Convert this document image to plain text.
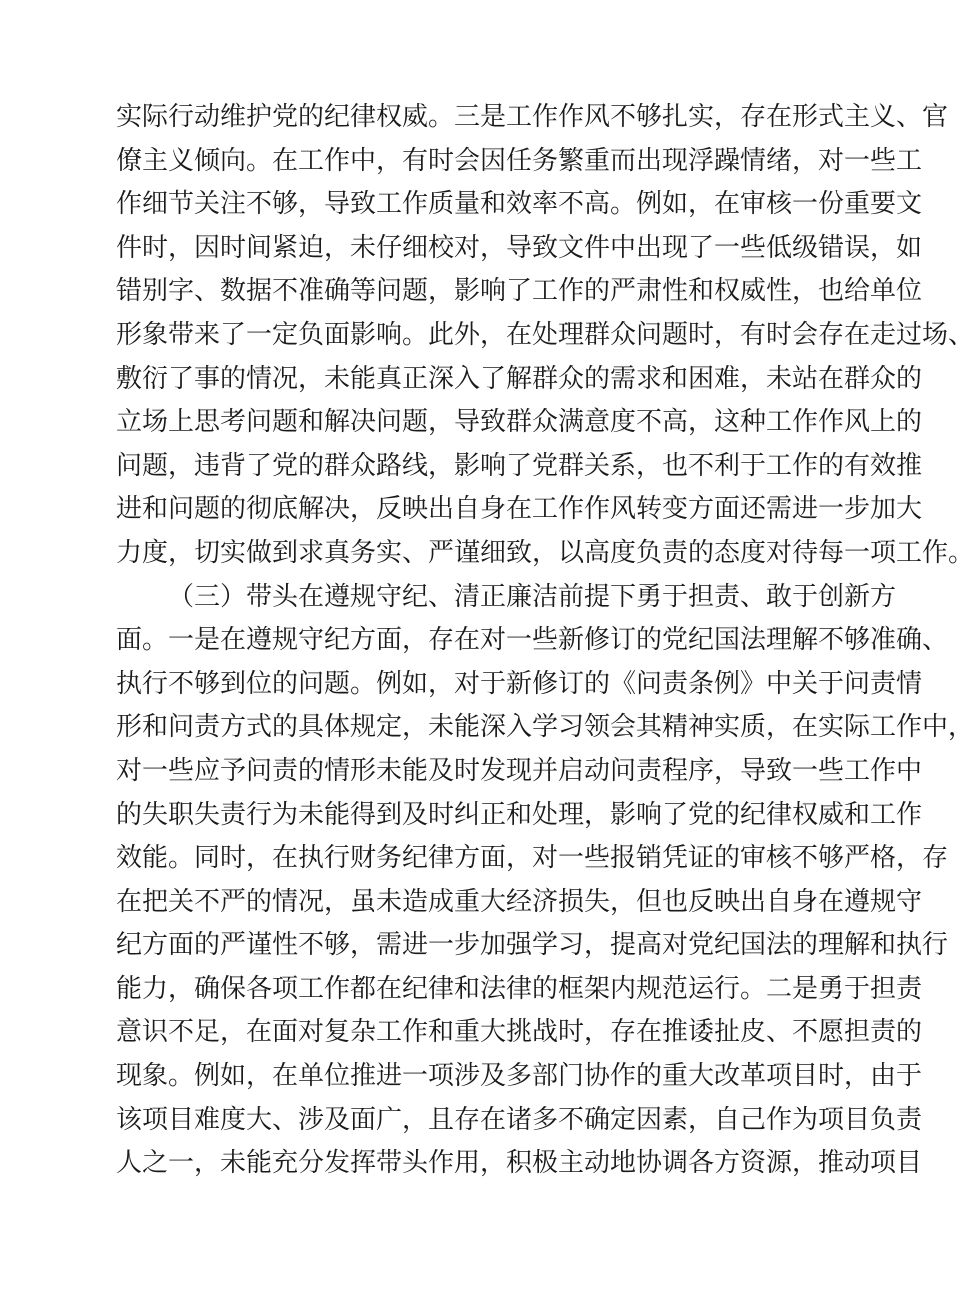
实际行动维护党的纪律权威。三是工作作风不够扎实，存在形式主义、官
僚主义倾向。在工作中，有时会因任务繁重而出现浮躁情绪，对一些工
作细节关注不够，导致工作质量和效率不高。例如，在审核一份重要文
件时，因时间紧迫，未仔细校对，导致文件中出现了一些低级错误，如
错别字、数据不准确等问题，影响了工作的严肃性和权威性，也给单位
形象带来了一定负面影响。此外，在处理群众问题时，有时会存在走过场、
敷衍了事的情况，未能真正深入了解群众的需求和困难，未站在群众的
立场上思考问题和解决问题，导致群众满意度不高，这种工作作风上的
问题，违背了党的群众路线，影响了党群关系，也不利于工作的有效推
进和问题的彻底解决，反映出自身在工作作风转变方面还需进一步加大
力度，切实做到求真务实、严谨细致，以高度负责的态度对待每一项工作。
（三）带头在遵规守纪、清正廉洁前提下勇于担责、敢于创新方
面。一是在遵规守纪方面，存在对一些新修订的党纪国法理解不够准确、
执行不够到位的问题。例如，对于新修订的《问责条例》中关于问责情
形和问责方式的具体规定，未能深入学习领会其精神实质，在实际工作中，
对一些应予问责的情形未能及时发现并启动问责程序，导致一些工作中
的失职失责行为未能得到及时纠正和处理，影响了党的纪律权威和工作
效能。同时，在执行财务纪律方面，对一些报销凭证的审核不够严格，存
在把关不严的情况，虽未造成重大经济损失，但也反映出自身在遵规守
纪方面的严谨性不够，需进一步加强学习，提高对党纪国法的理解和执行
能力，确保各项工作都在纪律和法律的框架内规范运行。二是勇于担责
意识不足，在面对复杂工作和重大挑战时，存在推诿扯皮、不愿担责的
现象。例如，在单位推进一项涉及多部门协作的重大改革项目时，由于
该项目难度大、涉及面广，且存在诸多不确定因素，自己作为项目负责
人之一，未能充分发挥带头作用，积极主动地协调各方资源，推动项目
